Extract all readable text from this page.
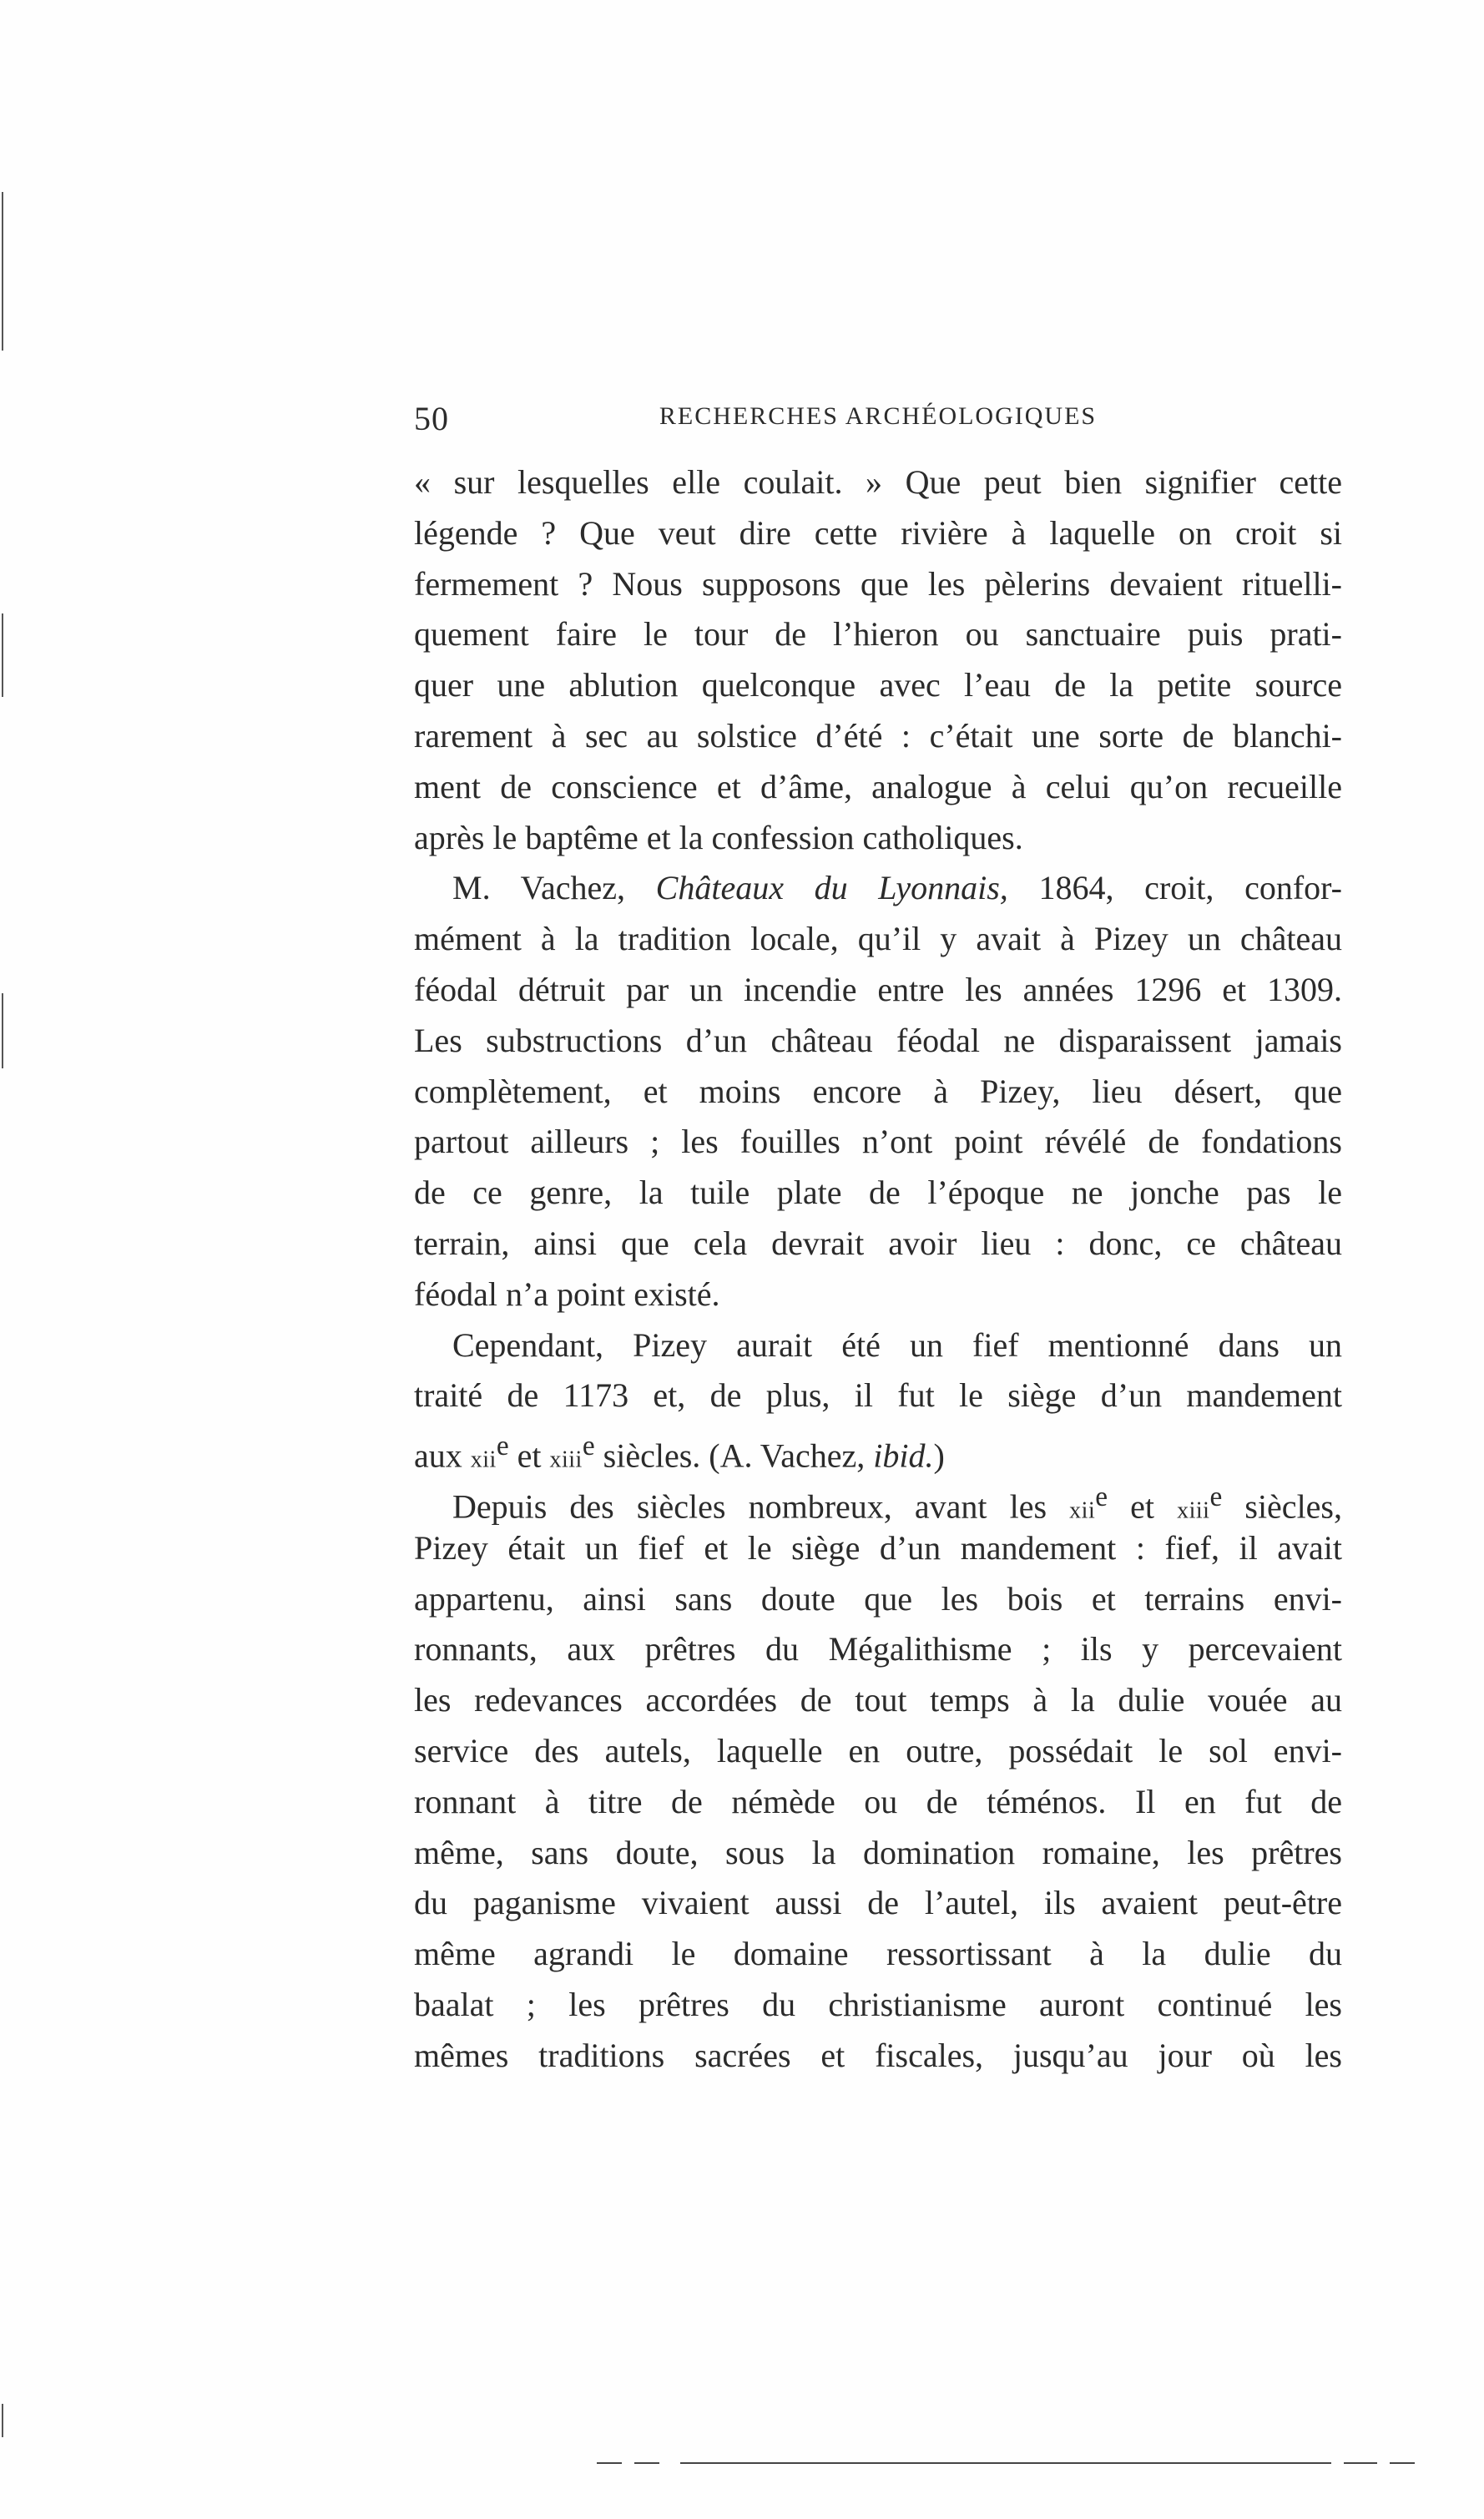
50	RECHERCHES ARCHÉOLOGIQUES
« sur lesquelles elle coulait. » Que peut bien signifier cette
légende ? Que veut dire cette rivière à laquelle on croit si
fermement ? Nous supposons que les pèlerins devaient rituelli-
quement faire le tour de l’hieron ou sanctuaire puis prati-
quer une ablution quelconque avec l’eau de la petite source
rarement à sec au solstice d’été : c’était une sorte de blanchi-
ment de conscience et d’âme, analogue à celui qu’on recueille
après le baptême et la confession catholiques.
M. Vachez, Châteaux du Lyonnais, 1864, croit, confor-
mément à la tradition locale, qu’il y avait à Pizey un château
féodal détruit par un incendie entre les années 1296 et 1309.
Les substructions d’un château féodal ne disparaissent jamais
complètement, et moins encore à Pizey, lieu désert, que
partout ailleurs ; les fouilles n’ont point révélé de fondations
de ce genre, la tuile plate de l’époque ne jonche pas le
terrain, ainsi que cela devrait avoir lieu : donc, ce château
féodal n’a point existé.
Cependant, Pizey aurait été un fief mentionné dans un
traité de 1173 et, de plus, il fut le siège d’un mandement
aux xii$^e$ et xiii$^e$ siècles. (A. Vachez, ibid.)
Depuis des siècles nombreux, avant les xii$^e$ et xiii$^e$ siècles,
Pizey était un fief et le siège d’un mandement : fief, il avait
appartenu, ainsi sans doute que les bois et terrains envi-
ronnants, aux prêtres du Mégalithisme ; ils y percevaient
les redevances accordées de tout temps à la dulie vouée au
service des autels, laquelle en outre, possédait le sol envi-
ronnant à titre de némède ou de téménos. Il en fut de
même, sans doute, sous la domination romaine, les prêtres
du paganisme vivaient aussi de l’autel, ils avaient peut-être
même agrandi le domaine ressortissant à la dulie du
baalat ; les prêtres du christianisme auront continué les
mêmes traditions sacrées et fiscales, jusqu’au jour où les
